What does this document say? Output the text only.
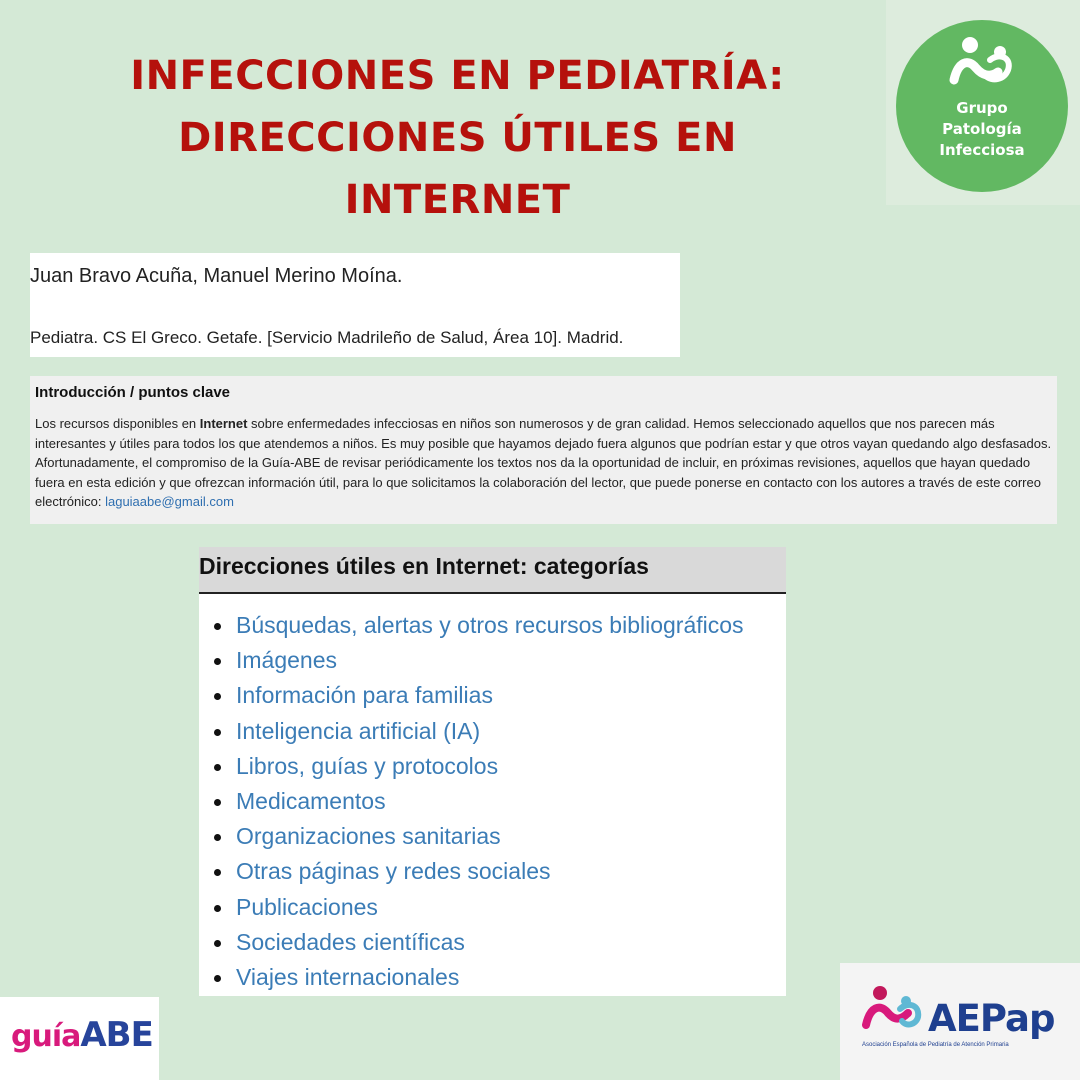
INFECCIONES EN PEDIATRÍA:
DIRECCIONES ÚTILES EN
INTERNET
Grupo
Patología
Infecciosa
Juan Bravo Acuña, Manuel Merino Moína.
Pediatra. CS El Greco. Getafe. [Servicio Madrileño de Salud, Área 10]. Madrid.
Introducción / puntos clave

Los recursos disponibles en Internet sobre enfermedades infecciosas en niños son numerosos y de gran calidad. Hemos seleccionado aquellos que nos parecen más interesantes y útiles para todos los que atendemos a niños. Es muy posible que hayamos dejado fuera algunos que podrían estar y que otros vayan quedando algo desfasados. Afortunadamente, el compromiso de la Guía-ABE de revisar periódicamente los textos nos da la oportunidad de incluir, en próximas revisiones, aquellos que hayan quedado fuera en esta edición y que ofrezcan información útil, para lo que solicitamos la colaboración del lector, que puede ponerse en contacto con los autores a través de este correo electrónico: laguiaabe@gmail.com

Direcciones útiles en Internet: categorías
Búsquedas, alertas y otros recursos bibliográficos
Imágenes
Información para familias
Inteligencia artificial (IA)
Libros, guías y protocolos
Medicamentos
Organizaciones sanitarias
Otras páginas y redes sociales
Publicaciones
Sociedades científicas
Viajes internacionales
guíaABE	AEPap
Asociación Española de Pediatría de Atención Primaria
